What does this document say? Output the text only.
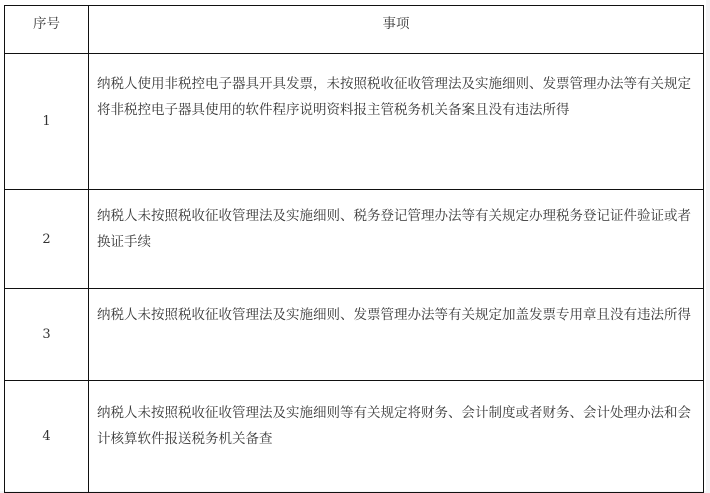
序号	事项
1	纳税人使用非税控电子器具开具发票，未按照税收征收管理法及实施细则、发票管理办法等有关规定将非税控电子器具使用的软件程序说明资料报主管税务机关备案且没有违法所得
2	纳税人未按照税收征收管理法及实施细则、税务登记管理办法等有关规定办理税务登记证件验证或者换证手续
3	纳税人未按照税收征收管理法及实施细则、发票管理办法等有关规定加盖发票专用章且没有违法所得
4	纳税人未按照税收征收管理法及实施细则等有关规定将财务、会计制度或者财务、会计处理办法和会计核算软件报送税务机关备查
